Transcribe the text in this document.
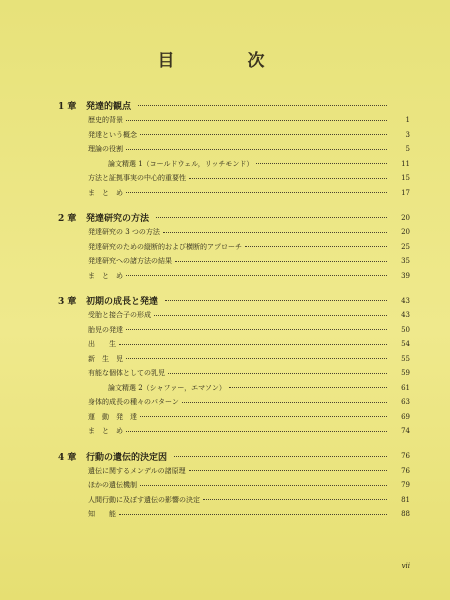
目　次
1 章	発達的観点
歴史的背景	1
発達という概念	3
理論の役割	5
論文精選 1（コールドウェル，リッチモンド）	11
方法と証拠事実の中心的重要性	15
ま　と　め	17
2 章	発達研究の方法	20
発達研究の 3 つの方法	20
発達研究のための縦断的および横断的アプローチ	25
発達研究への諸方法の結果	35
ま　と　め	39
3 章	初期の成長と発達	43
受胎と接合子の形成	43
胎児の発達	50
出　　生	54
新　生　児	55
有能な個体としての乳児	59
論文精選 2（シャファー，エマソン）	61
身体的成長の種々のパターン	63
運　動　発　達	69
ま　と　め	74
4 章	行動の遺伝的決定因	76
遺伝に関するメンデルの諸原理	76
ほかの遺伝機制	79
人間行動に及ぼす遺伝の影響の決定	81
知　　能	88
vii
